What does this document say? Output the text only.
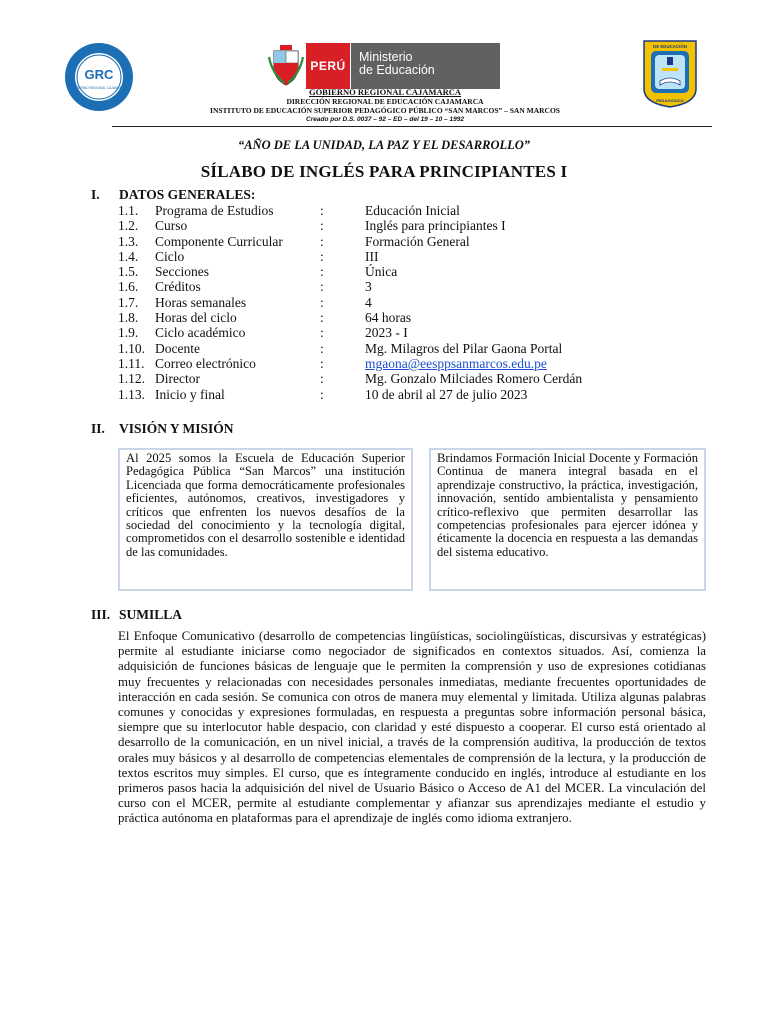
GRC
GOBIERNO REGIONAL CAJAMARCA
PERÚ
Ministerio
de Educación
DE EDUCACIÓN
PEDAGÓGICO
GOBIERNO REGIONAL CAJAMARCA
DIRECCIÓN REGIONAL DE EDUCACIÓN CAJAMARCA
INSTITUTO DE EDUCACIÓN SUPERIOR PEDAGÓGICO PÚBLICO “SAN MARCOS” – SAN MARCOS
Creado por D.S. 0037 – 92 – ED – del 19 – 10 – 1992
“AÑO DE LA UNIDAD, LA PAZ Y EL DESARROLLO”
SÍLABO DE INGLÉS PARA PRINCIPIANTES I
I. DATOS GENERALES:
1.1. Programa de Estudios	:	Educación Inicial
1.2. Curso	:	Inglés para principiantes I
1.3. Componente Curricular	:	Formación General
1.4. Ciclo	:	III
1.5. Secciones	:	Única
1.6. Créditos	:	3
1.7. Horas semanales	:	4
1.8. Horas del ciclo	:	64 horas
1.9. Ciclo académico	:	2023 - I
1.10. Docente	:	Mg. Milagros del Pilar Gaona Portal
1.11. Correo electrónico	:	mgaona@eesppsanmarcos.edu.pe
1.12. Director	:	Mg. Gonzalo Milciades Romero Cerdán
1.13. Inicio y final	:	10 de abril al 27 de julio 2023
II. VISIÓN Y MISIÓN
Al 2025 somos la Escuela de Educación Superior Pedagógica Pública “San Marcos” una institución Licenciada que forma democráticamente profesionales eficientes, autónomos, creativos, investigadores y críticos que enfrenten los nuevos desafíos de la sociedad del conocimiento y la tecnología digital, comprometidos con el desarrollo sostenible e identidad de las comunidades.
Brindamos Formación Inicial Docente y Formación Continua de manera integral basada en el aprendizaje constructivo, la práctica, investigación, innovación, sentido ambientalista y pensamiento crítico-reflexivo que permiten desarrollar las competencias profesionales para ejercer idónea y éticamente la docencia en respuesta a las demandas del sistema educativo.
III. SUMILLA
El Enfoque Comunicativo (desarrollo de competencias lingüísticas, sociolingüísticas, discursivas y estratégicas) permite al estudiante iniciarse como negociador de significados en contextos situados. Así, comienza la adquisición de funciones básicas de lenguaje que le permiten la comprensión y uso de expresiones cotidianas muy frecuentes y relacionadas con necesidades personales inmediatas, mediante frecuentes oportunidades de interacción en cada sesión. Se comunica con otros de manera muy elemental y limitada. Utiliza algunas palabras comunes y conocidas y expresiones formuladas, en respuesta a preguntas sobre información personal básica, siempre que su interlocutor hable despacio, con claridad y esté dispuesto a cooperar. El curso está orientado al desarrollo de la comunicación, en un nivel inicial, a través de la comprensión auditiva, la producción de textos orales muy básicos y al desarrollo de competencias elementales de comprensión de la lectura, y la producción de textos escritos muy simples. El curso, que es íntegramente conducido en inglés, introduce al estudiante en los primeros pasos hacia la adquisición del nivel de Usuario Básico o Acceso de A1 del MCER. La vinculación del curso con el MCER, permite al estudiante complementar y afianzar sus aprendizajes mediante el estudio y práctica autónoma en plataformas para el aprendizaje de inglés como idioma extranjero.
